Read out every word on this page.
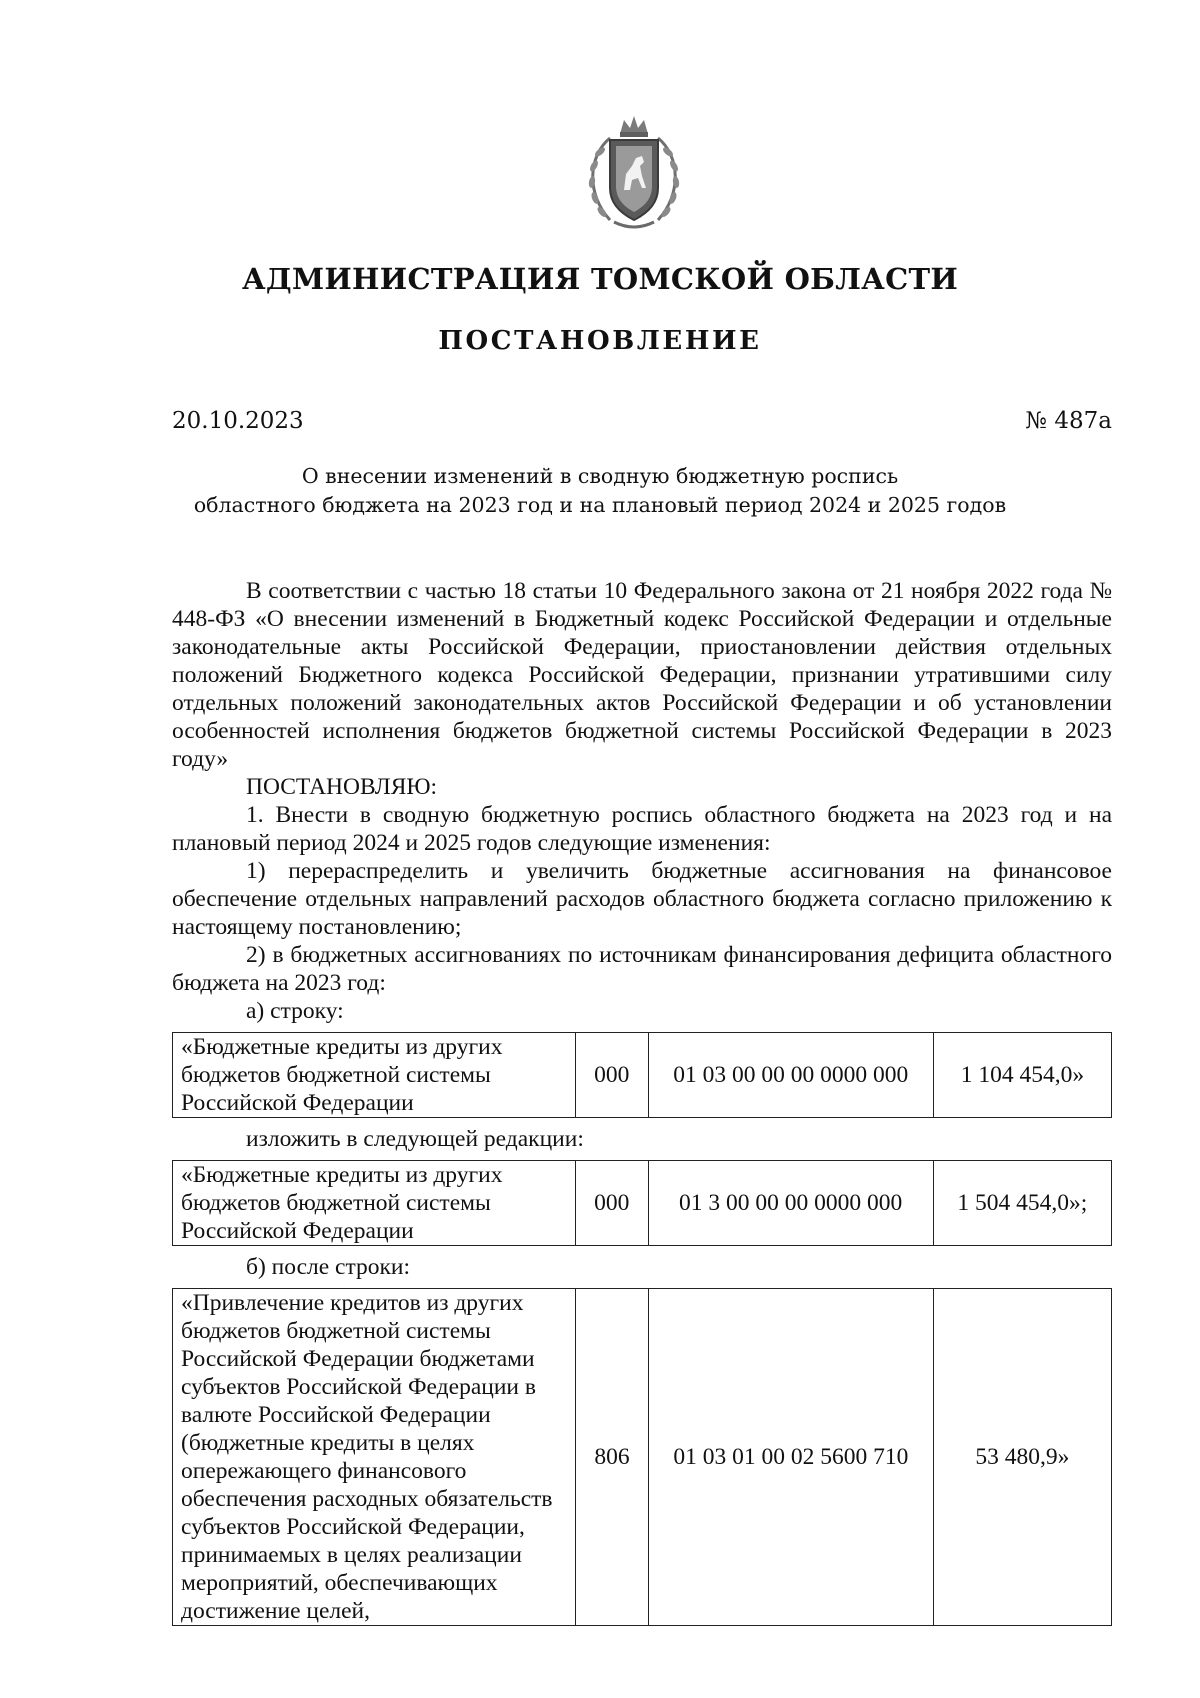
АДМИНИСТРАЦИЯ ТОМСКОЙ ОБЛАСТИ
ПОСТАНОВЛЕНИЕ
20.10.2023	№ 487а
О внесении изменений в сводную бюджетную роспись
областного бюджета на 2023 год и на плановый период 2024 и 2025 годов

В соответствии с частью 18 статьи 10 Федерального закона от 21 ноября 2022 года № 448-ФЗ «О внесении изменений в Бюджетный кодекс Российской Федерации и отдельные законодательные акты Российской Федерации, приостановлении действия отдельных положений Бюджетного кодекса Российской Федерации, признании утратившими силу отдельных положений законодательных актов Российской Федерации и об установлении особенностей исполнения бюджетов бюджетной системы Российской Федерации в 2023 году»

ПОСТАНОВЛЯЮ:

1. Внести в сводную бюджетную роспись областного бюджета на 2023 год и на плановый период 2024 и 2025 годов следующие изменения:

1) перераспределить и увеличить бюджетные ассигнования на финансовое обеспечение отдельных направлений расходов областного бюджета согласно приложению к настоящему постановлению;

2) в бюджетных ассигнованиях по источникам финансирования дефицита областного бюджета на 2023 год:

а) строку:

«Бюджетные кредиты из других бюджетов бюджетной системы Российской Федерации	000	01 03 00 00 00 0000 000	1 104 454,0»

изложить в следующей редакции:

«Бюджетные кредиты из других бюджетов бюджетной системы Российской Федерации	000	01 3 00 00 00 0000 000	1 504 454,0»;

б) после строки:

«Привлечение кредитов из других бюджетов бюджетной системы Российской Федерации бюджетами субъектов Российской Федерации в валюте Российской Федерации (бюджетные кредиты в целях опережающего финансового обеспечения расходных обязательств субъектов Российской Федерации, принимаемых в целях реализации мероприятий, обеспечивающих достижение целей,	806	01 03 01 00 02 5600 710	53 480,9»
